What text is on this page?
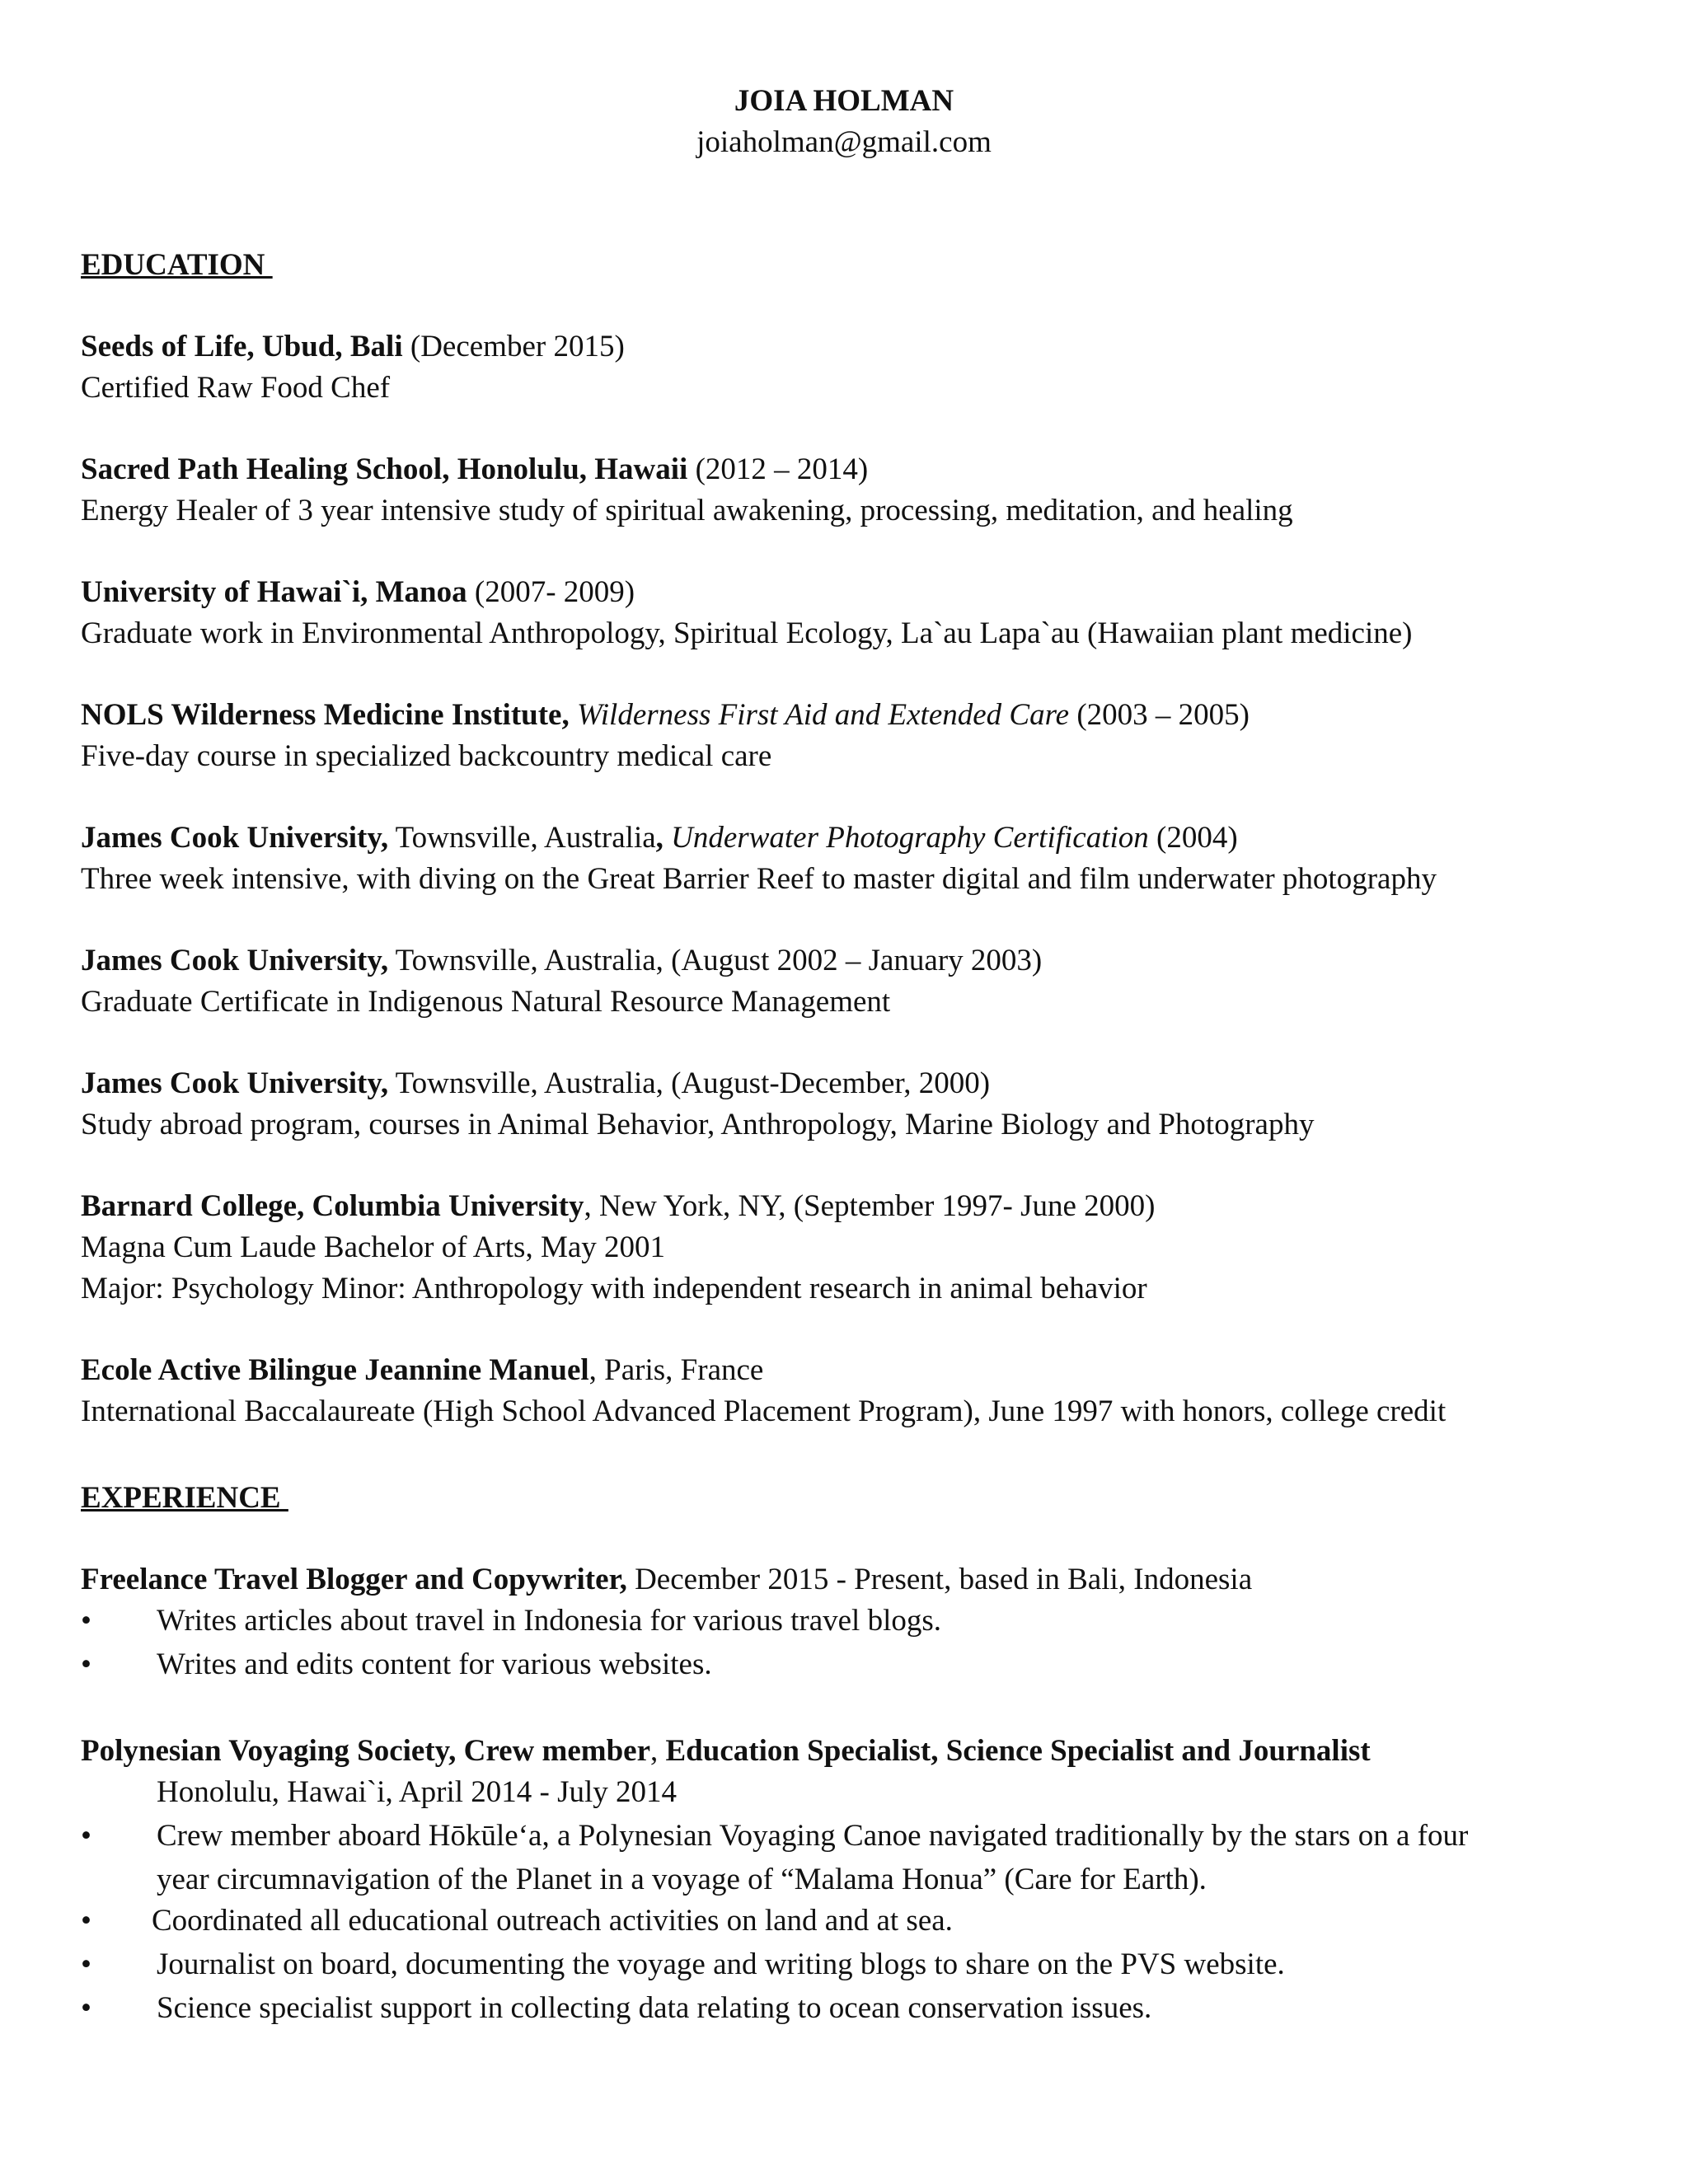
JOIA HOLMAN
joiaholman@gmail.com
EDUCATION
Seeds of Life, Ubud, Bali (December 2015)
Certified Raw Food Chef
Sacred Path Healing School, Honolulu, Hawaii (2012 – 2014)
Energy Healer of 3 year intensive study of spiritual awakening, processing, meditation, and healing
University of Hawai`i, Manoa (2007- 2009)
Graduate work in Environmental Anthropology, Spiritual Ecology, La`au Lapa`au (Hawaiian plant medicine)
NOLS Wilderness Medicine Institute, Wilderness First Aid and Extended Care (2003 – 2005)
Five-day course in specialized backcountry medical care
James Cook University, Townsville, Australia, Underwater Photography Certification (2004)
Three week intensive, with diving on the Great Barrier Reef to master digital and film underwater photography
James Cook University, Townsville, Australia, (August 2002 – January 2003)
Graduate Certificate in Indigenous Natural Resource Management
James Cook University, Townsville, Australia, (August-December, 2000)
Study abroad program, courses in Animal Behavior, Anthropology, Marine Biology and Photography
Barnard College, Columbia University, New York, NY, (September 1997- June 2000)
Magna Cum Laude Bachelor of Arts, May 2001
Major: Psychology Minor: Anthropology with independent research in animal behavior
Ecole Active Bilingue Jeannine Manuel, Paris, France
International Baccalaureate (High School Advanced Placement Program), June 1997 with honors, college credit
EXPERIENCE
Freelance Travel Blogger and Copywriter, December 2015 - Present, based in Bali, Indonesia
• Writes articles about travel in Indonesia for various travel blogs.
• Writes and edits content for various websites.
Polynesian Voyaging Society, Crew member, Education Specialist, Science Specialist and Journalist
Honolulu, Hawai`i, April 2014 - July 2014
• Crew member aboard Hōkūle‘a, a Polynesian Voyaging Canoe navigated traditionally by the stars on a four
year circumnavigation of the Planet in a voyage of “Malama Honua” (Care for Earth).
• Coordinated all educational outreach activities on land and at sea.
• Journalist on board, documenting the voyage and writing blogs to share on the PVS website.
• Science specialist support in collecting data relating to ocean conservation issues.
